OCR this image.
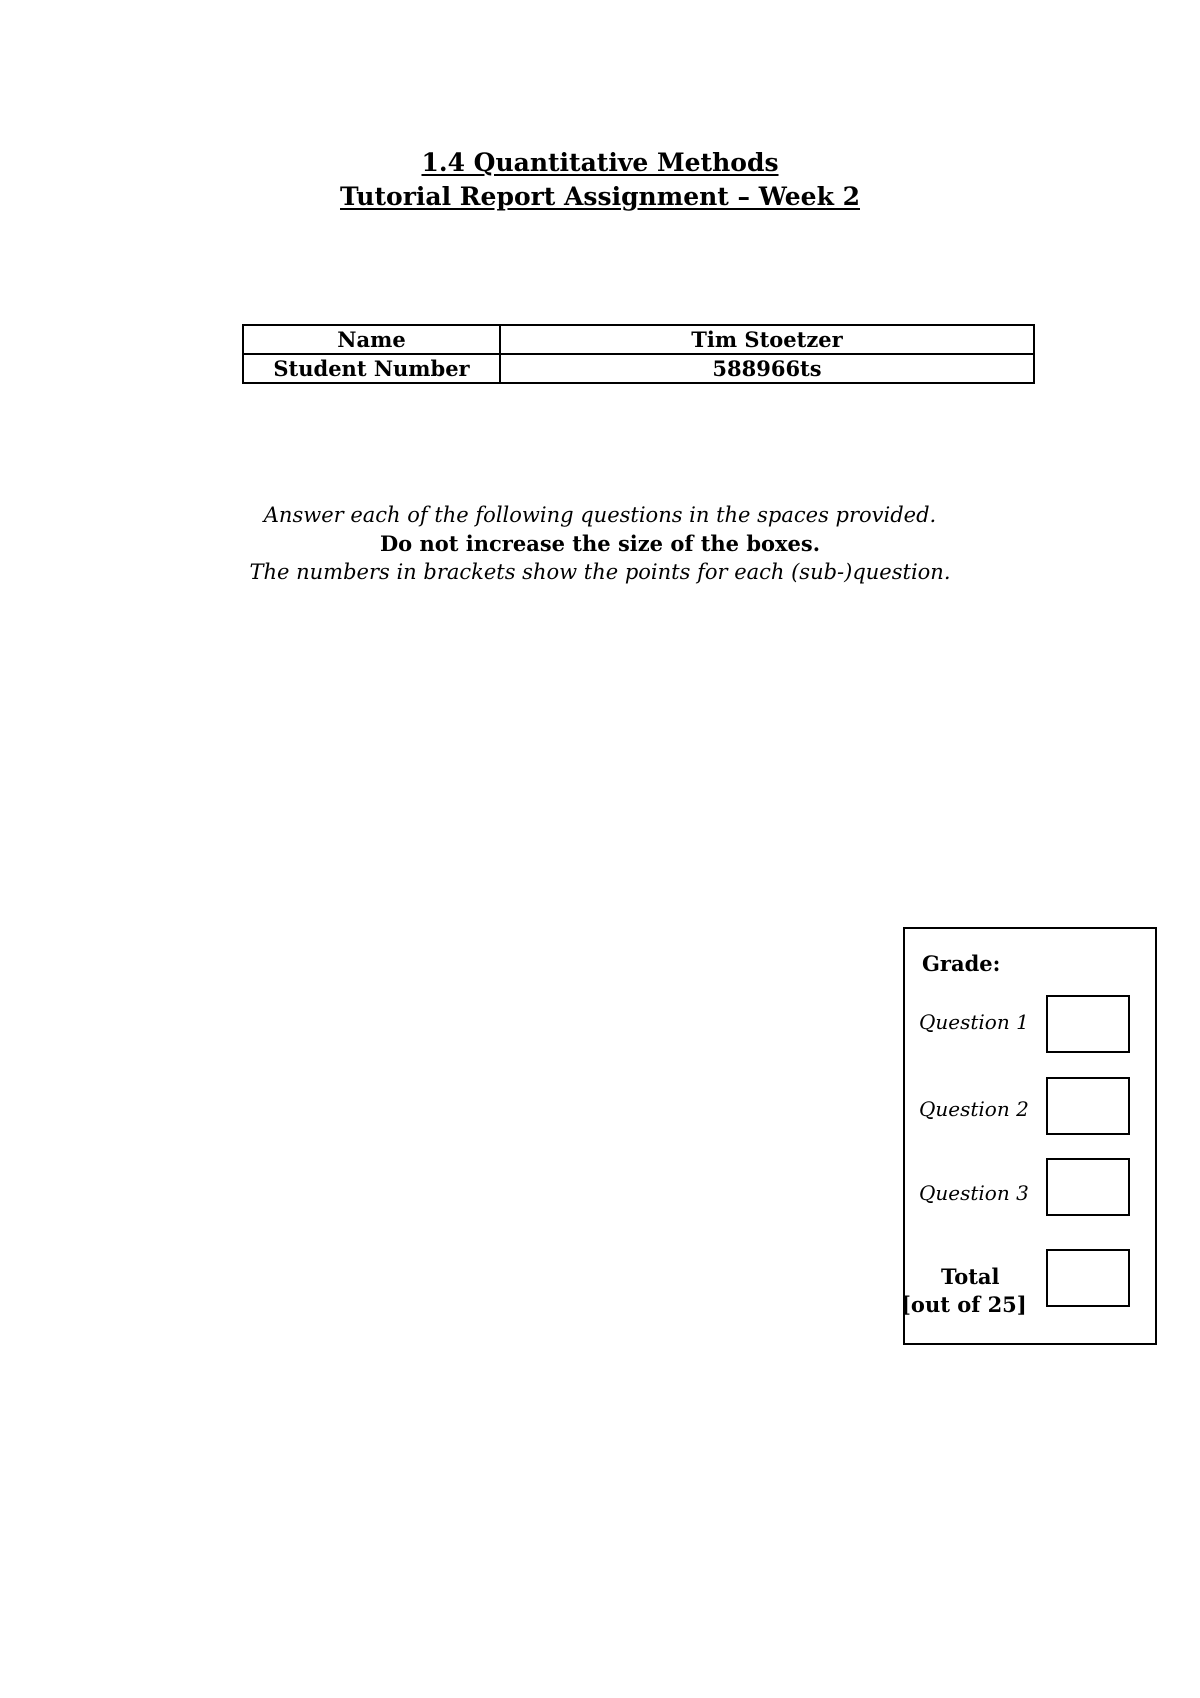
1.4 Quantitative Methods
Tutorial Report Assignment – Week 2
Name	Tim Stoetzer
Student Number	588966ts

Answer each of the following questions in the spaces provided.

Do not increase the size of the boxes.

The numbers in brackets show the points for each (sub-)question.

Grade:

Question 1

Question 2

Question 3

Total
[out of 25]
